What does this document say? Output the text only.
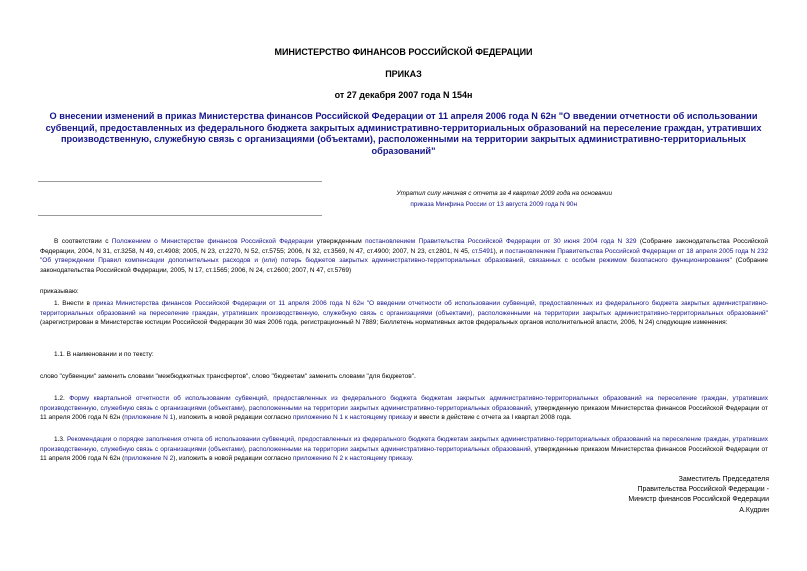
МИНИСТЕРСТВО ФИНАНСОВ РОССИЙСКОЙ ФЕДЕРАЦИИ
ПРИКАЗ
от 27 декабря 2007 года N 154н
О внесении изменений в приказ Министерства финансов Российской Федерации от 11 апреля 2006 года N 62н "О введении отчетности об использовании субвенций, предоставленных из федерального бюджета закрытых административно-территориальных образований на переселение граждан, утративших производственную, служебную связь с организациями (объектами), расположенными на территории закрытых административно-территориальных образований"
Утратил силу начиная с отчета за 4 квартал 2009 года на основании
приказа Минфина России от 13 августа 2009 года N 90н
В соответствии с Положением о Министерстве финансов Российской Федерации утвержденным постановлением Правительства Российской Федерации от 30 июня 2004 года N 329 (Собрание законодательства Российской Федерации, 2004, N 31, ст.3258, N 49, ст.4908; 2005, N 23, ст.2270, N 52, ст.5755; 2006, N 32, ст.3569, N 47, ст.4900; 2007, N 23, ст.2801, N 45, ст.5491), и постановлением Правительства Российской Федерации от 18 апреля 2005 года N 232 "Об утверждении Правил компенсации дополнительных расходов и (или) потерь бюджетов закрытых административно-территориальных образований, связанных с особым режимом безопасного функционирования" (Собрание законодательства Российской Федерации, 2005, N 17, ст.1565; 2006, N 24, ст.2600; 2007, N 47, ст.5769)
приказываю:
1. Внести в приказ Министерства финансов Российской Федерации от 11 апреля 2006 года N 62н "О введении отчетности об использовании субвенций, предоставленных из федерального бюджета закрытых административно-территориальных образований на переселение граждан, утративших производственную, служебную связь с организациями (объектами), расположенными на территории закрытых административно-территориальных образований" (зарегистрирован в Министерстве юстиции Российской Федерации 30 мая 2006 года, регистрационный N 7889; Бюллетень нормативных актов федеральных органов исполнительной власти, 2006, N 24) следующие изменения:
1.1. В наименовании и по тексту:
слово "субвенции" заменить словами "межбюджетных трансфертов", слово "бюджетам" заменить словами "для бюджетов".
1.2. Форму квартальной отчетности об использовании субвенций, предоставленных из федерального бюджета бюджетам закрытых административно-территориальных образований на переселение граждан, утративших производственную, служебную связь с организациями (объектами), расположенными на территории закрытых административно-территориальных образований, утвержденную приказом Министерства финансов Российской Федерации от 11 апреля 2006 года N 62н (приложение N 1), изложить в новой редакции согласно приложению N 1 к настоящему приказу и ввести в действие с отчета за I квартал 2008 года.
1.3. Рекомендации о порядке заполнения отчета об использовании субвенций, предоставленных из федерального бюджета бюджетам закрытых административно-территориальных образований на переселение граждан, утративших производственную, служебную связь с организациями (объектами), расположенными на территории закрытых административно-территориальных образований, утвержденные приказом Министерства финансов Российской Федерации от 11 апреля 2006 года N 62н (приложение N 2), изложить в новой редакции согласно приложению N 2 к настоящему приказу.
Заместитель Председателя
Правительства Российской Федерации -
Министр финансов Российской Федерации
А.Кудрин
